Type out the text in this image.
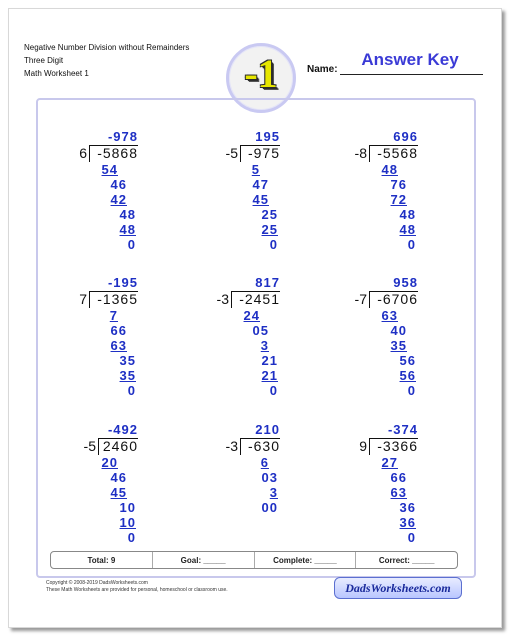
Negative Number Division without Remainders
Three Digit
Math Worksheet 1	-1	Answer Key
Name:
-978
-5868
6
54
46
42
48
48
0
195
-975
-5
5
47
45
25
25
0
696
-5568
-8
48
76
72
48
48
0
-195
-1365
7
7
66
63
35
35
0
817
-2451
-3
24
05
3
21
21
0
958
-6706
-7
63
40
35
56
56
0
-492
2460
-5
20
46
45
10
10
0
210
-630
-3
6
03
3
00
-374
-3366
9
27
66
63
36
36
0
Total: 9	Goal: _____	Complete: _____	Correct: _____
Copyright © 2008-2019 DadsWorksheets.com
These Math Worksheets are provided for personal, homeschool or classroom use.	DadsWorksheets.com
